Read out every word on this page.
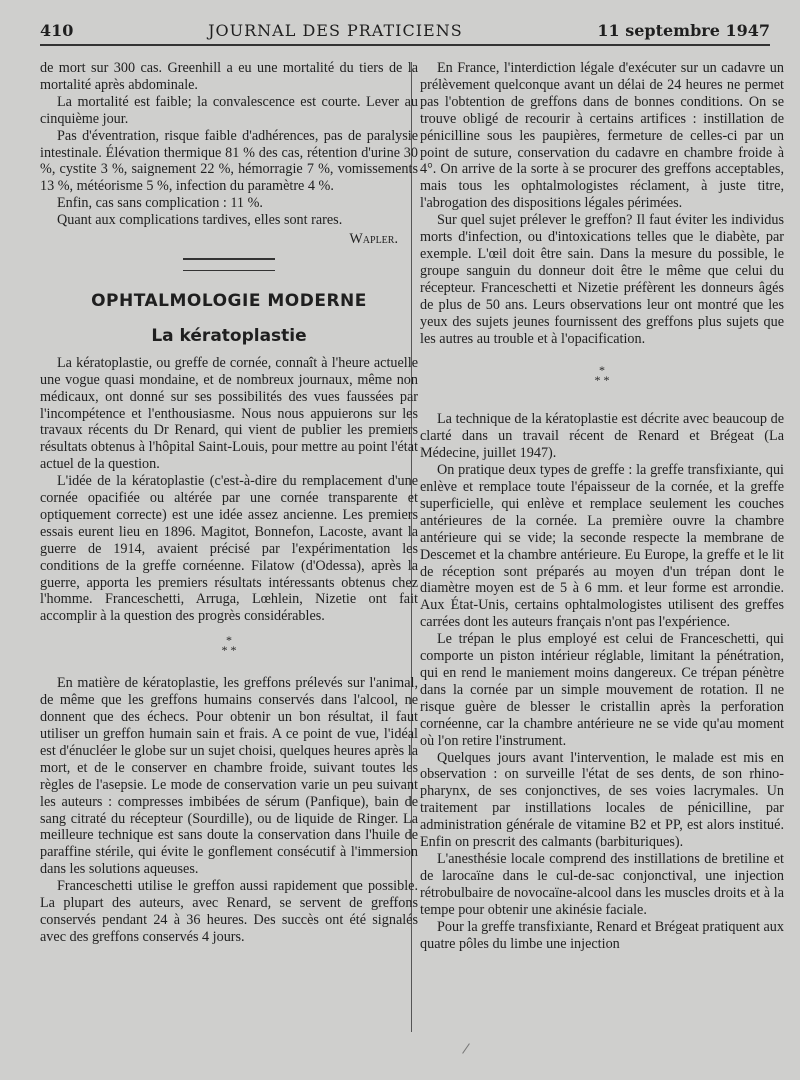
410	JOURNAL DES PRATICIENS	11 septembre 1947

de mort sur 300 cas. Greenhill a eu une mortalité du tiers de la mortalité après abdominale.

La mortalité est faible; la convalescence est courte. Lever au cinquième jour.

Pas d'éventration, risque faible d'adhérences, pas de paralysie intestinale. Élévation thermique 81 % des cas, rétention d'urine 30 %, cystite 3 %, saignement 22 %, hémorragie 7 %, vomissements 13 %, météorisme 5 %, infection du paramètre 4 %.

Enfin, cas sans complication : 11 %.

Quant aux complications tardives, elles sont rares.

Wapler.

OPHTALMOLOGIE MODERNE
La kératoplastie

La kératoplastie, ou greffe de cornée, connaît à l'heure actuelle une vogue quasi mondaine, et de nombreux journaux, même non médicaux, ont donné sur ses possibilités des vues faussées par l'incompétence et l'enthousiasme. Nous nous appuierons sur les travaux récents du Dr Renard, qui vient de publier les premiers résultats obtenus à l'hôpital Saint-Louis, pour mettre au point l'état actuel de la question.

L'idée de la kératoplastie (c'est-à-dire du remplacement d'une cornée opacifiée ou altérée par une cornée transparente et optiquement correcte) est une idée assez ancienne. Les premiers essais eurent lieu en 1896. Magitot, Bonnefon, Lacoste, avant la guerre de 1914, avaient précisé par l'expérimentation les conditions de la greffe cornéenne. Filatow (d'Odessa), après la guerre, apporta les premiers résultats intéressants obtenus chez l'homme. Franceschetti, Arruga, Lœhlein, Nizetie ont fait accomplir à la question des progrès considérables.

*
* *

En matière de kératoplastie, les greffons prélevés sur l'animal, de même que les greffons humains conservés dans l'alcool, ne donnent que des échecs. Pour obtenir un bon résultat, il faut utiliser un greffon humain sain et frais. A ce point de vue, l'idéal est d'énucléer le globe sur un sujet choisi, quelques heures après la mort, et de le conserver en chambre froide, suivant toutes les règles de l'asepsie. Le mode de conservation varie un peu suivant les auteurs : compresses imbibées de sérum (Panfique), bain de sang citraté du récepteur (Sourdille), ou de liquide de Ringer. La meilleure technique est sans doute la conservation dans l'huile de paraffine stérile, qui évite le gonflement consécutif à l'immersion dans les solutions aqueuses.

Franceschetti utilise le greffon aussi rapidement que possible. La plupart des auteurs, avec Renard, se servent de greffons conservés pendant 24 à 36 heures. Des succès ont été signalés avec des greffons conservés 4 jours.

En France, l'interdiction légale d'exécuter sur un cadavre un prélèvement quelconque avant un délai de 24 heures ne permet pas l'obtention de greffons dans de bonnes conditions. On se trouve obligé de recourir à certains artifices : instillation de pénicilline sous les paupières, fermeture de celles-ci par un point de suture, conservation du cadavre en chambre froide à 4°. On arrive de la sorte à se procurer des greffons acceptables, mais tous les ophtalmologistes réclament, à juste titre, l'abrogation des dispositions légales périmées.

Sur quel sujet prélever le greffon? Il faut éviter les individus morts d'infection, ou d'intoxications telles que le diabète, par exemple. L'œil doit être sain. Dans la mesure du possible, le groupe sanguin du donneur doit être le même que celui du récepteur. Franceschetti et Nizetie préfèrent les donneurs âgés de plus de 50 ans. Leurs observations leur ont montré que les yeux des sujets jeunes fournissent des greffons plus sujets que les autres au trouble et à l'opacification.

*
* *

La technique de la kératoplastie est décrite avec beaucoup de clarté dans un travail récent de Renard et Brégeat (La Médecine, juillet 1947).

On pratique deux types de greffe : la greffe transfixiante, qui enlève et remplace toute l'épaisseur de la cornée, et la greffe superficielle, qui enlève et remplace seulement les couches antérieures de la cornée. La première ouvre la chambre antérieure qui se vide; la seconde respecte la membrane de Descemet et la chambre antérieure. Eu Europe, la greffe et le lit de réception sont préparés au moyen d'un trépan dont le diamètre moyen est de 5 à 6 mm. et leur forme est arrondie. Aux État-Unis, certains ophtalmologistes utilisent des greffes carrées dont les auteurs français n'ont pas l'expérience.

Le trépan le plus employé est celui de Franceschetti, qui comporte un piston intérieur réglable, limitant la pénétration, qui en rend le maniement moins dangereux. Ce trépan pénètre dans la cornée par un simple mouvement de rotation. Il ne risque guère de blesser le cristallin après la perforation cornéenne, car la chambre antérieure ne se vide qu'au moment où l'on retire l'instrument.

Quelques jours avant l'intervention, le malade est mis en observation : on surveille l'état de ses dents, de son rhino-pharynx, de ses conjonctives, de ses voies lacrymales. Un traitement par instillations locales de pénicilline, par administration générale de vitamine B2 et PP, est alors institué. Enfin on prescrit des calmants (barbituriques).

L'anesthésie locale comprend des instillations de bretiline et de larocaïne dans le cul-de-sac conjonctival, une injection rétrobulbaire de novocaïne-alcool dans les muscles droits et à la tempe pour obtenir une akinésie faciale.

Pour la greffe transfixiante, Renard et Brégeat pratiquent aux quatre pôles du limbe une injection
